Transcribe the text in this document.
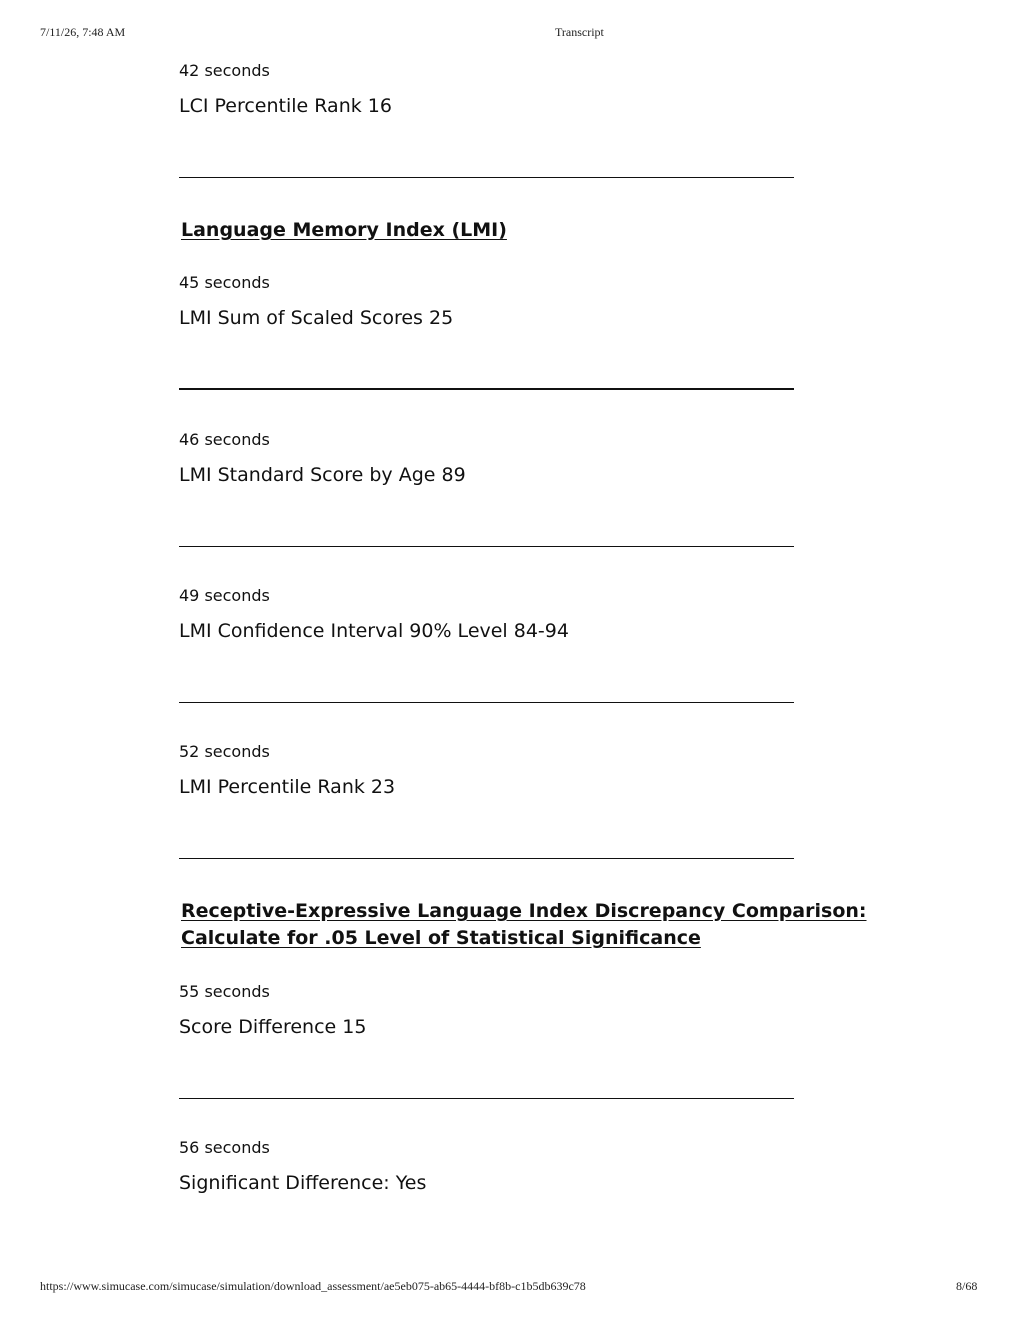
7/11/26, 7:48 AM	Transcript
42 seconds
LCI Percentile Rank 16
Language Memory Index (LMI)
45 seconds
LMI Sum of Scaled Scores 25
46 seconds
LMI Standard Score by Age 89
49 seconds
LMI Confidence Interval 90% Level 84-94
52 seconds
LMI Percentile Rank 23
Receptive-Expressive Language Index Discrepancy Comparison: Calculate for .05 Level of Statistical Significance
55 seconds
Score Difference 15
56 seconds
Significant Difference: Yes
https://www.simucase.com/simucase/simulation/download_assessment/ae5eb075-ab65-4444-bf8b-c1b5db639c78	8/68
